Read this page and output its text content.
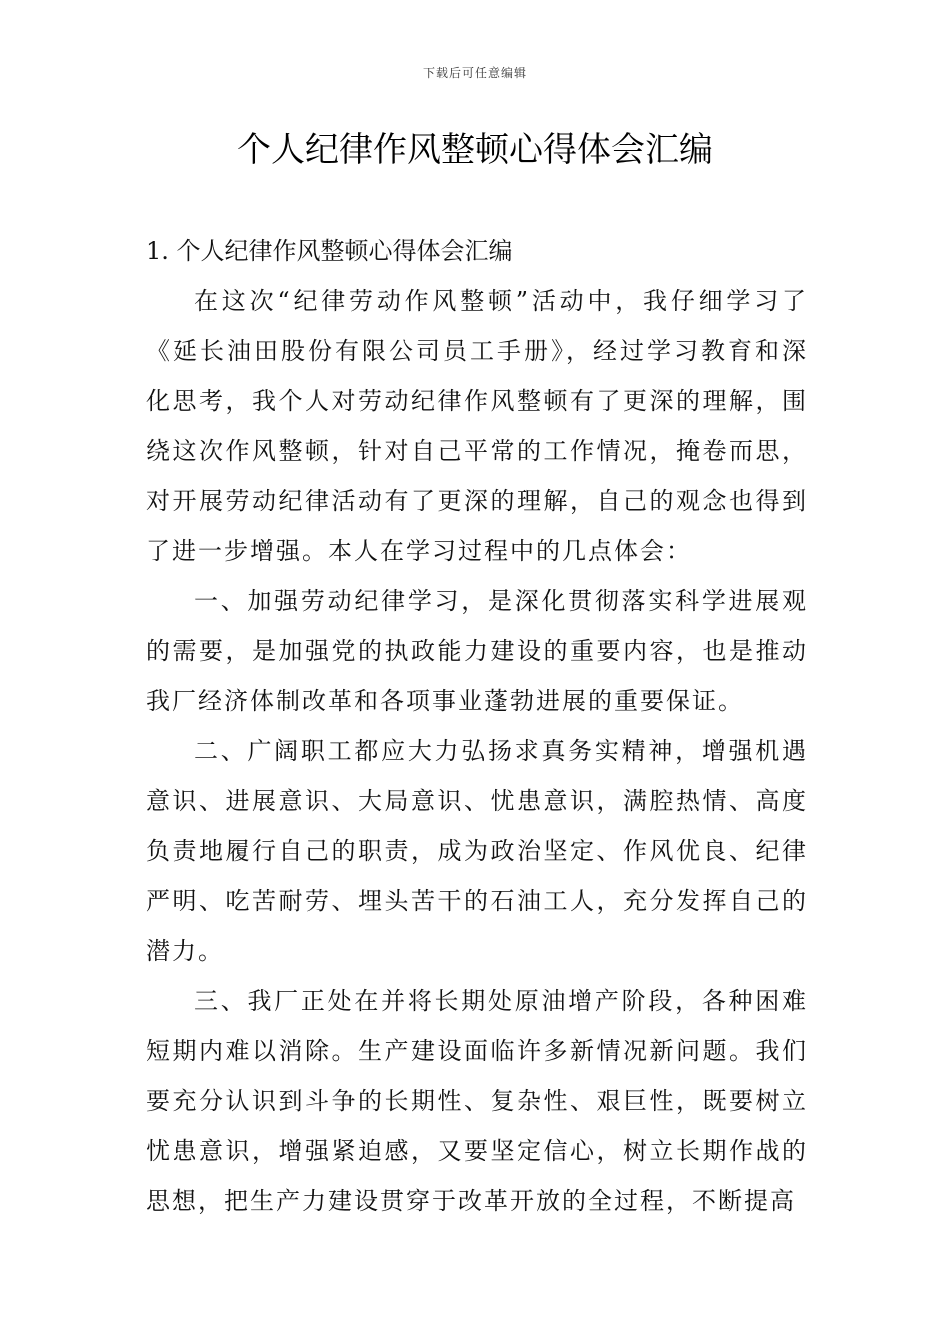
下载后可任意编辑
个人纪律作风整顿心得体会汇编

1. 个人纪律作风整顿心得体会汇编

在这次“纪律劳动作风整顿”活动中，我仔细学习了《延长油田股份有限公司员工手册》，经过学习教育和深化思考，我个人对劳动纪律作风整顿有了更深的理解，围绕这次作风整顿，针对自己平常的工作情况，掩卷而思，对开展劳动纪律活动有了更深的理解，自己的观念也得到了进一步增强。本人在学习过程中的几点体会：

一、加强劳动纪律学习，是深化贯彻落实科学进展观的需要，是加强党的执政能力建设的重要内容，也是推动我厂经济体制改革和各项事业蓬勃进展的重要保证。

二、广阔职工都应大力弘扬求真务实精神，增强机遇意识、进展意识、大局意识、忧患意识，满腔热情、高度负责地履行自己的职责，成为政治坚定、作风优良、纪律严明、吃苦耐劳、埋头苦干的石油工人，充分发挥自己的潜力。

三、我厂正处在并将长期处原油增产阶段，各种困难短期内难以消除。生产建设面临许多新情况新问题。我们要充分认识到斗争的长期性、复杂性、艰巨性，既要树立忧患意识，增强紧迫感，又要坚定信心，树立长期作战的思想，把生产力建设贯穿于改革开放的全过程，不断提高
